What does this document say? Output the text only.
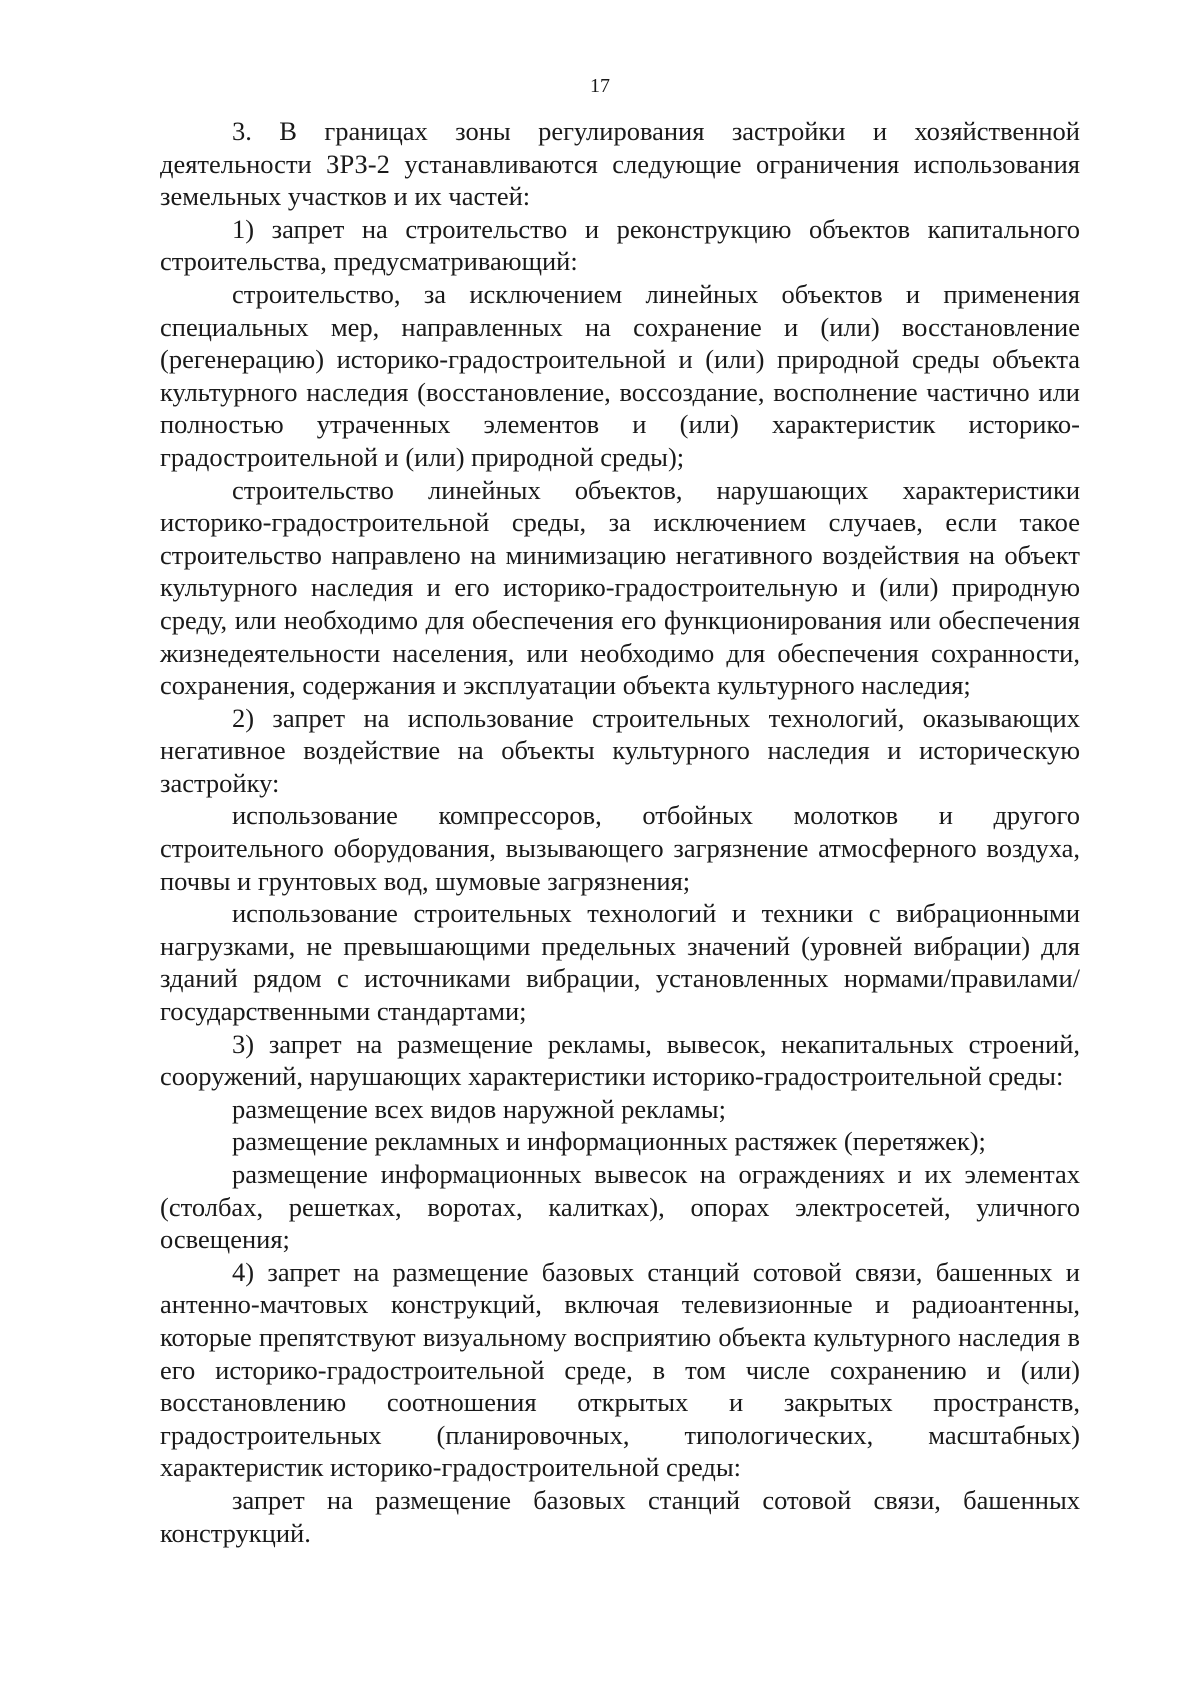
17

3. В границах зоны регулирования застройки и хозяйственной деятельности ЗРЗ-2 устанавливаются следующие ограничения использования земельных участков и их частей:

1) запрет на строительство и реконструкцию объектов капитального строительства, предусматривающий:

строительство, за исключением линейных объектов и применения специальных мер, направленных на сохранение и (или) восстановление (регенерацию) историко-градостроительной и (или) природной среды объекта культурного наследия (восстановление, воссоздание, восполнение частично или полностью утраченных элементов и (или) характеристик историко-градостроительной и (или) природной среды);

строительство линейных объектов, нарушающих характеристики историко-градостроительной среды, за исключением случаев, если такое строительство направлено на минимизацию негативного воздействия на объект культурного наследия и его историко-градостроительную и (или) природную среду, или необходимо для обеспечения его функционирования или обеспечения жизнедеятельности населения, или необходимо для обеспечения сохранности, сохранения, содержания и эксплуатации объекта культурного наследия;

2) запрет на использование строительных технологий, оказывающих негативное воздействие на объекты культурного наследия и историческую застройку:

использование компрессоров, отбойных молотков и другого строительного оборудования, вызывающего загрязнение атмосферного воздуха, почвы и грунтовых вод, шумовые загрязнения;

использование строительных технологий и техники с вибрационными нагрузками, не превышающими предельных значений (уровней вибрации) для зданий рядом с источниками вибрации, установленных нормами/правилами/ государственными стандартами;

3) запрет на размещение рекламы, вывесок, некапитальных строений, сооружений, нарушающих характеристики историко-градостроительной среды:

размещение всех видов наружной рекламы;

размещение рекламных и информационных растяжек (перетяжек);

размещение информационных вывесок на ограждениях и их элементах (столбах, решетках, воротах, калитках), опорах электросетей, уличного освещения;

4) запрет на размещение базовых станций сотовой связи, башенных и антенно-мачтовых конструкций, включая телевизионные и радиоантенны, которые препятствуют визуальному восприятию объекта культурного наследия в его историко-градостроительной среде, в том числе сохранению и (или) восстановлению соотношения открытых и закрытых пространств, градостроительных (планировочных, типологических, масштабных) характеристик историко-градостроительной среды:

запрет на размещение базовых станций сотовой связи, башенных конструкций.
